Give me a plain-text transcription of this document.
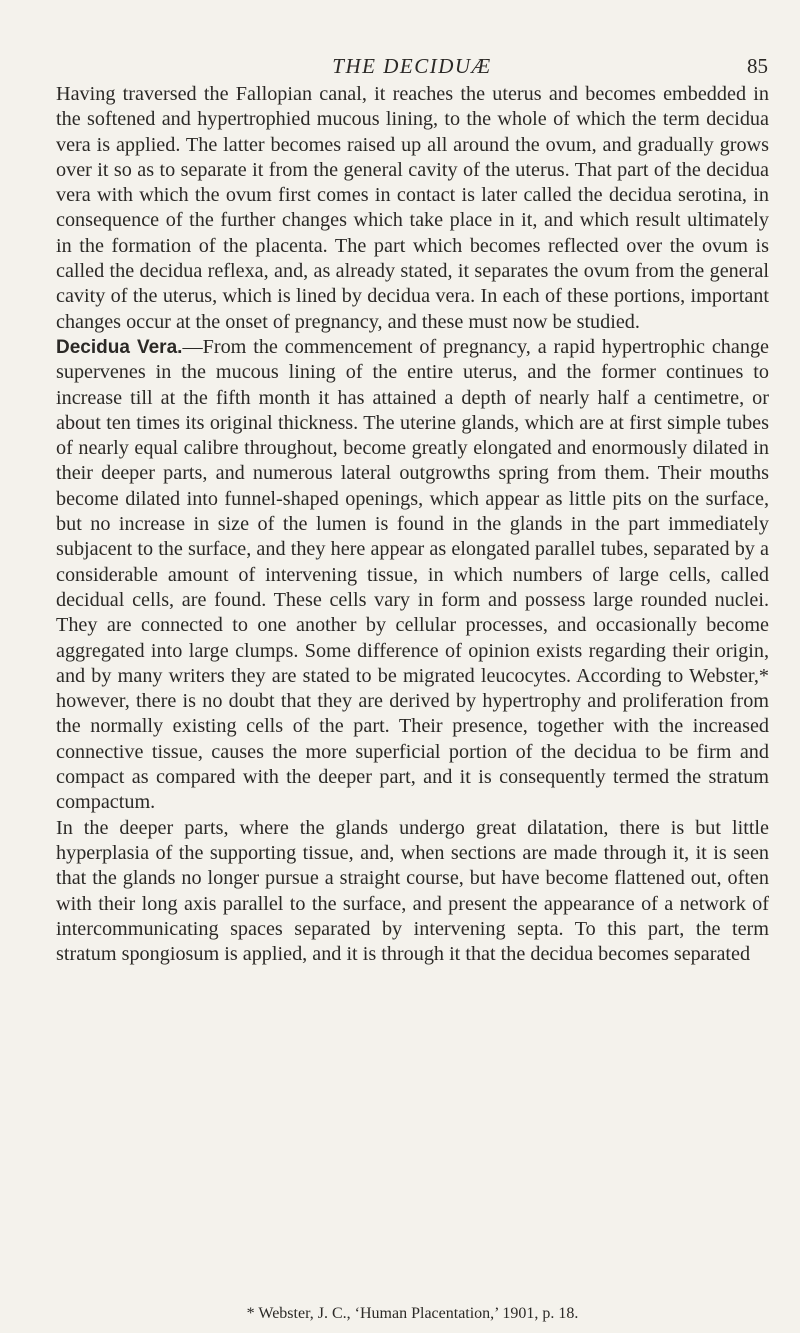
THE DECIDUÆ	85

Having traversed the Fallopian canal, it reaches the uterus and becomes embedded in the softened and hypertrophied mucous lining, to the whole of which the term decidua vera is applied. The latter becomes raised up all around the ovum, and gradually grows over it so as to separate it from the general cavity of the uterus. That part of the decidua vera with which the ovum first comes in contact is later called the decidua serotina, in consequence of the further changes which take place in it, and which result ultimately in the formation of the placenta. The part which becomes reflected over the ovum is called the decidua reflexa, and, as already stated, it separates the ovum from the general cavity of the uterus, which is lined by decidua vera. In each of these portions, important changes occur at the onset of pregnancy, and these must now be studied.

Decidua Vera.—From the commencement of pregnancy, a rapid hypertrophic change supervenes in the mucous lining of the entire uterus, and the former continues to increase till at the fifth month it has attained a depth of nearly half a centimetre, or about ten times its original thickness. The uterine glands, which are at first simple tubes of nearly equal calibre throughout, become greatly elongated and enormously dilated in their deeper parts, and numerous lateral outgrowths spring from them. Their mouths become dilated into funnel-shaped openings, which appear as little pits on the surface, but no increase in size of the lumen is found in the glands in the part immediately subjacent to the surface, and they here appear as elongated parallel tubes, separated by a considerable amount of intervening tissue, in which numbers of large cells, called decidual cells, are found. These cells vary in form and possess large rounded nuclei. They are connected to one another by cellular processes, and occasionally become aggregated into large clumps. Some difference of opinion exists regarding their origin, and by many writers they are stated to be migrated leucocytes. According to Webster,* however, there is no doubt that they are derived by hypertrophy and proliferation from the normally existing cells of the part. Their presence, together with the increased connective tissue, causes the more superficial portion of the decidua to be firm and compact as compared with the deeper part, and it is consequently termed the stratum compactum.

In the deeper parts, where the glands undergo great dilatation, there is but little hyperplasia of the supporting tissue, and, when sections are made through it, it is seen that the glands no longer pursue a straight course, but have become flattened out, often with their long axis parallel to the surface, and present the appearance of a network of intercommunicating spaces separated by intervening septa. To this part, the term stratum spongiosum is applied, and it is through it that the decidua becomes separated

* Webster, J. C., ‘Human Placentation,’ 1901, p. 18.
